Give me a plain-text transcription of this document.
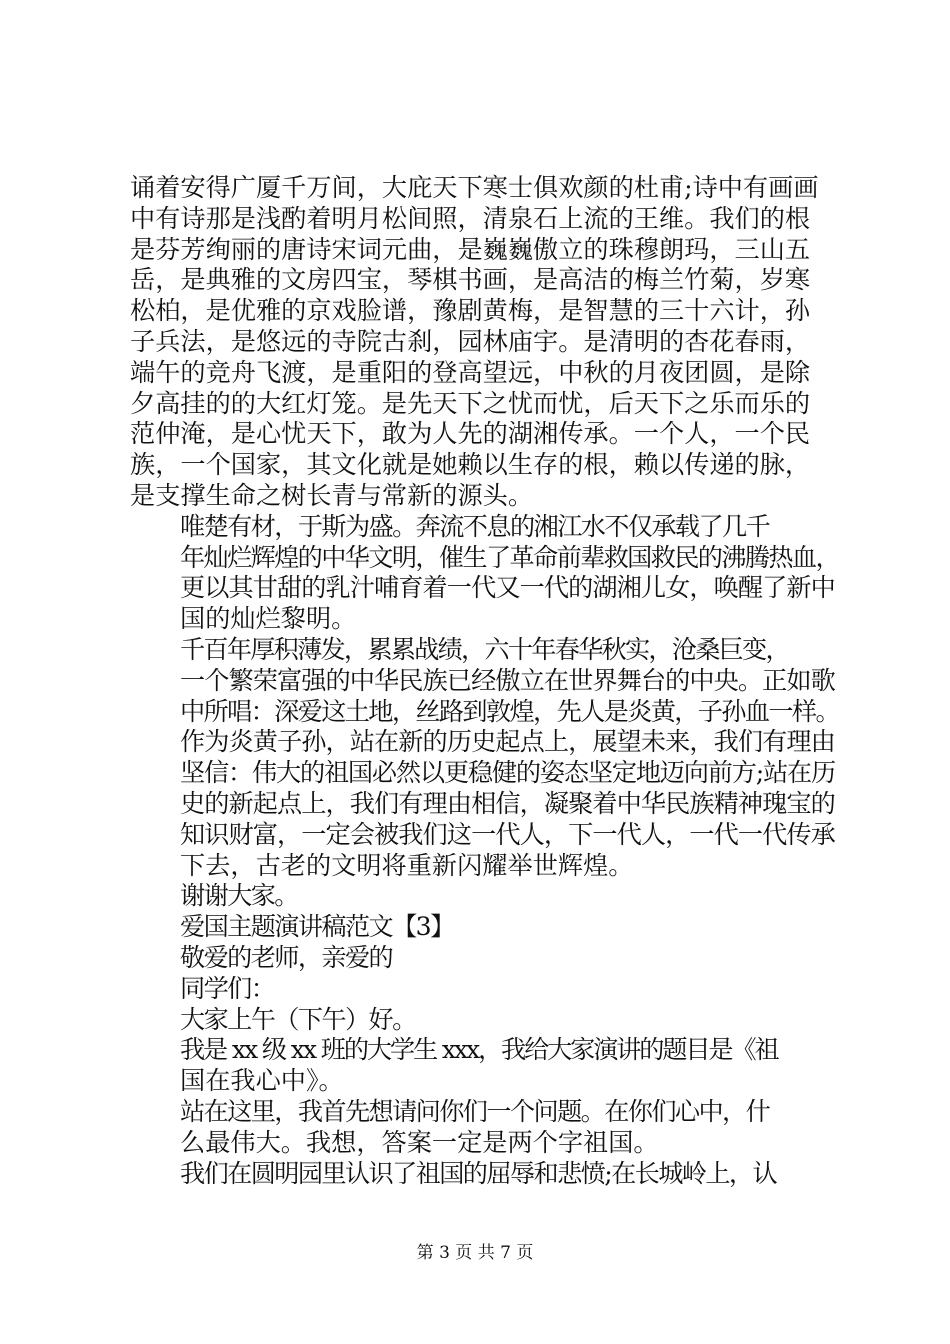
诵着安得广厦千万间，大庇天下寒士俱欢颜的杜甫;诗中有画画
中有诗那是浅酌着明月松间照，清泉石上流的王维。我们的根
是芬芳绚丽的唐诗宋词元曲，是巍巍傲立的珠穆朗玛，三山五
岳，是典雅的文房四宝，琴棋书画，是高洁的梅兰竹菊，岁寒
松柏，是优雅的京戏脸谱，豫剧黄梅，是智慧的三十六计，孙
子兵法，是悠远的寺院古刹，园林庙宇。是清明的杏花春雨，
端午的竞舟飞渡，是重阳的登高望远，中秋的月夜团圆，是除
夕高挂的的大红灯笼。是先天下之忧而忧，后天下之乐而乐的
范仲淹，是心忧天下，敢为人先的湖湘传承。一个人，一个民
族，一个国家，其文化就是她赖以生存的根，赖以传递的脉，
是支撑生命之树长青与常新的源头。

唯楚有材，于斯为盛。奔流不息的湘江水不仅承载了几千
年灿烂辉煌的中华文明，催生了革命前辈救国救民的沸腾热血，
更以其甘甜的乳汁哺育着一代又一代的湖湘儿女，唤醒了新中
国的灿烂黎明。

千百年厚积薄发，累累战绩，六十年春华秋实，沧桑巨变，
一个繁荣富强的中华民族已经傲立在世界舞台的中央。正如歌
中所唱：深爱这土地，丝路到敦煌，先人是炎黄，子孙血一样。
作为炎黄子孙，站在新的历史起点上，展望未来，我们有理由
坚信：伟大的祖国必然以更稳健的姿态坚定地迈向前方;站在历
史的新起点上，我们有理由相信，凝聚着中华民族精神瑰宝的
知识财富，一定会被我们这一代人，下一代人，一代一代传承
下去，古老的文明将重新闪耀举世辉煌。

谢谢大家。

爱国主题演讲稿范文【3】

敬爱的老师，亲爱的

同学们：

大家上午（下午）好。

我是 xx 级 xx 班的大学生 xxx，我给大家演讲的题目是《祖
国在我心中》。

站在这里，我首先想请问你们一个问题。在你们心中，什
么最伟大。我想，答案一定是两个字祖国。

我们在圆明园里认识了祖国的屈辱和悲愤;在长城岭上，认

第 3 页 共 7 页
